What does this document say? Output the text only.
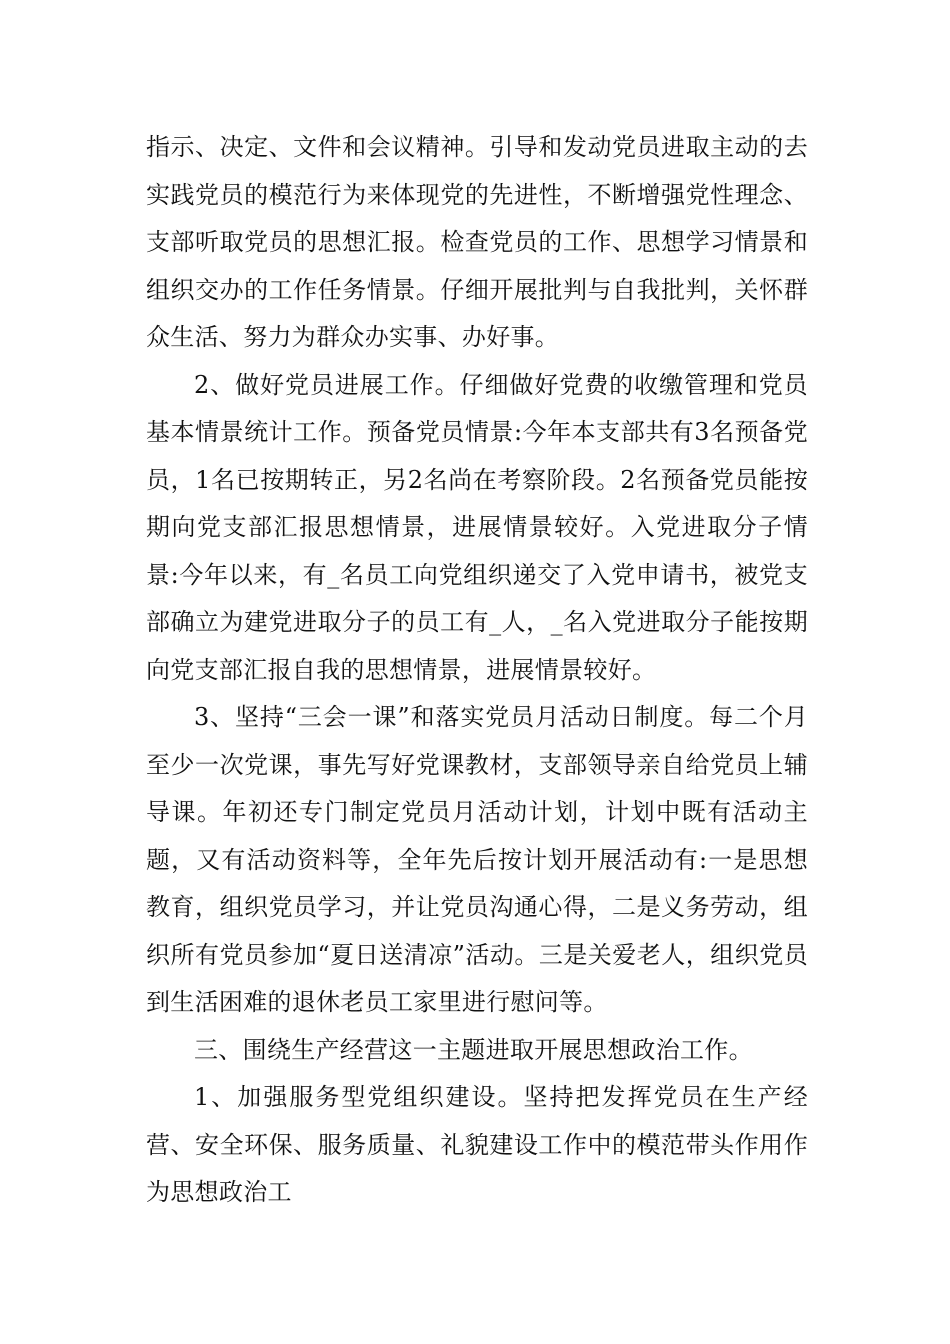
指示、决定、文件和会议精神。引导和发动党员进取主动的去实践党员的模范行为来体现党的先进性，不断增强党性理念、支部听取党员的思想汇报。检查党员的工作、思想学习情景和组织交办的工作任务情景。仔细开展批判与自我批判，关怀群众生活、努力为群众办实事、办好事。

2、做好党员进展工作。仔细做好党费的收缴管理和党员基本情景统计工作。预备党员情景:今年本支部共有3名预备党员，1名已按期转正，另2名尚在考察阶段。2名预备党员能按期向党支部汇报思想情景，进展情景较好。入党进取分子情景:今年以来，有_名员工向党组织递交了入党申请书，被党支部确立为建党进取分子的员工有_人，_名入党进取分子能按期向党支部汇报自我的思想情景，进展情景较好。

3、坚持“三会一课”和落实党员月活动日制度。每二个月至少一次党课，事先写好党课教材，支部领导亲自给党员上辅导课。年初还专门制定党员月活动计划，计划中既有活动主题，又有活动资料等，全年先后按计划开展活动有:一是思想教育，组织党员学习，并让党员沟通心得，二是义务劳动，组织所有党员参加“夏日送清凉”活动。三是关爱老人，组织党员到生活困难的退休老员工家里进行慰问等。

三、围绕生产经营这一主题进取开展思想政治工作。

1、加强服务型党组织建设。坚持把发挥党员在生产经营、安全环保、服务质量、礼貌建设工作中的模范带头作用作为思想政治工
